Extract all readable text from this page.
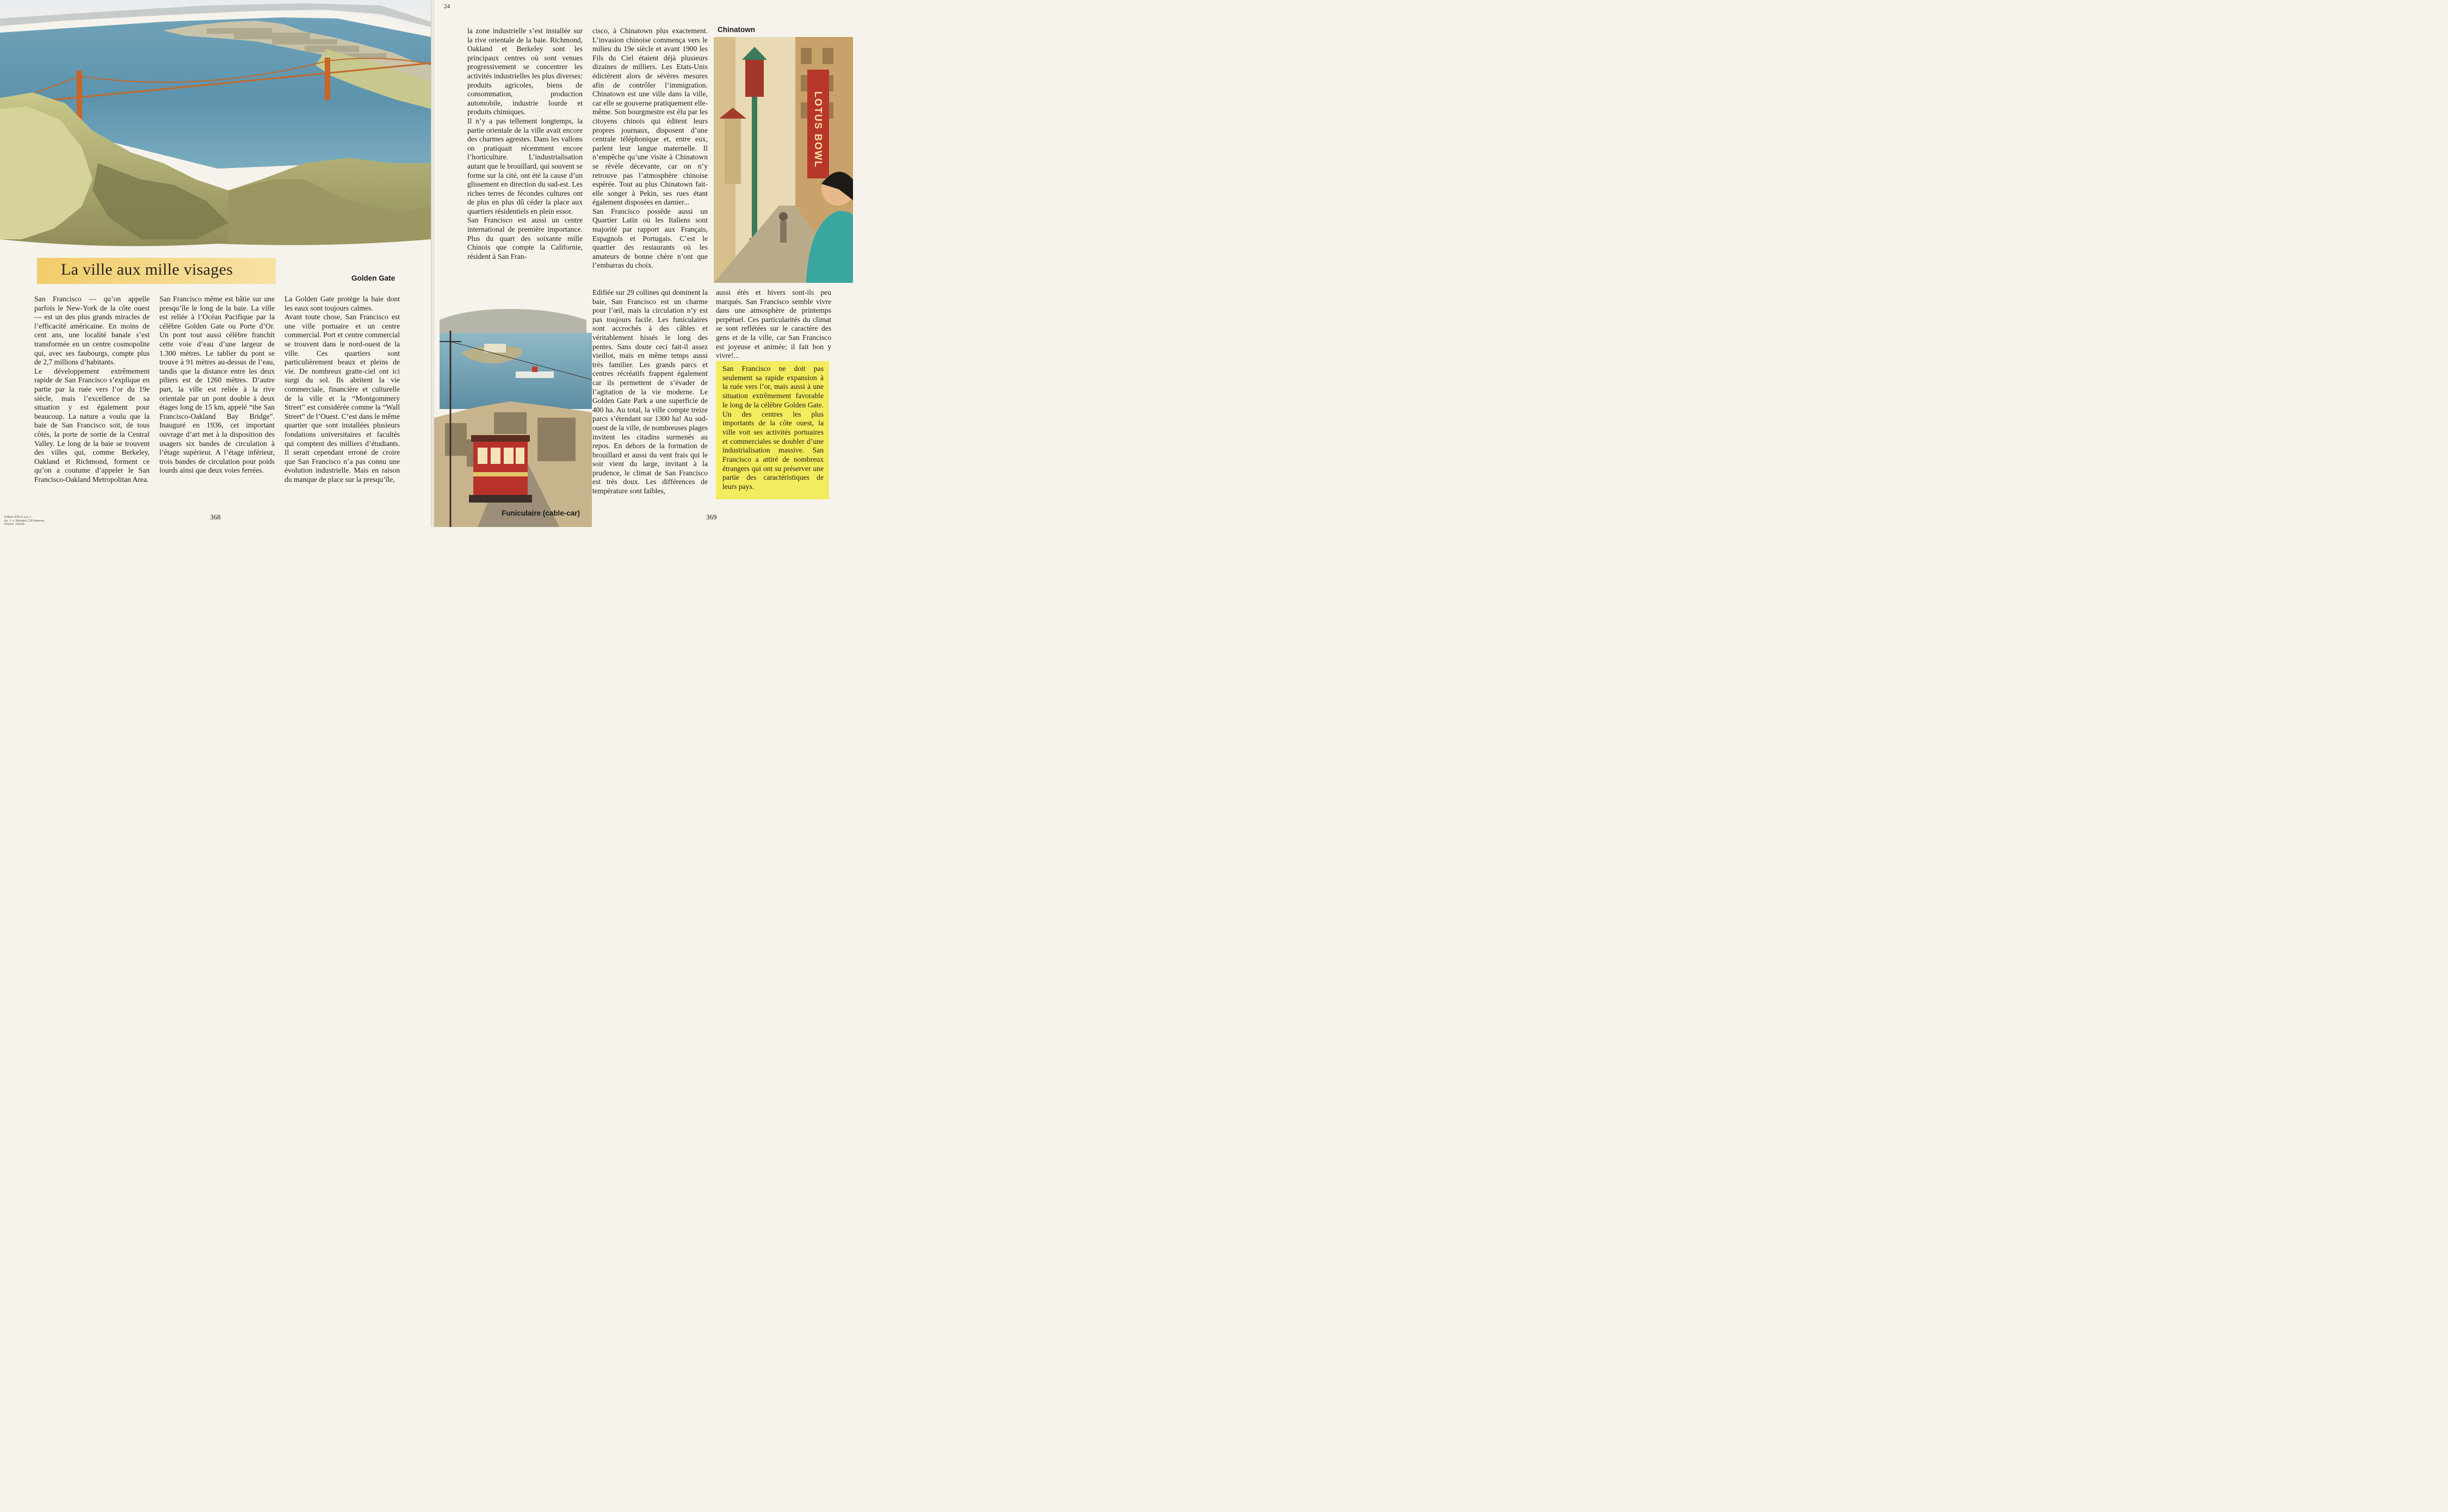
La ville aux mille visages	Golden Gate

San Francisco — qu’on appelle parfois le New-York de la côte ouest — est un des plus grands miracles de l’efficacité américaine. En moins de cent ans, une localité banale s’est transformée en un centre cosmopolite qui, avec ses faubourgs, compte plus de 2,7 millions d’habitants.

Le développement extrêmement rapide de San Francisco s’explique en partie par la ruée vers l’or du 19e siècle, mais l’excellence de sa situation y est également pour beaucoup. La nature a voulu que la baie de San Francisco soit, de tous côtés, la porte de sortie de la Central Valley. Le long de la baie se trouvent des villes qui, comme Berkeley, Oakland et Richmond, forment ce qu’on a coutume d’appeler le San Francisco-Oakland Metropolitan Area.

San Francisco même est bâtie sur une presqu’île le long de la baie. La ville est reliée à l’Océan Pacifique par la célèbre Golden Gate ou Porte d’Or. Un pont tout aussi célèbre franchit cette voie d’eau d’une largeur de 1.300 mètres. Le tablier du pont se trouve à 91 mètres au-dessus de l’eau, tandis que la distance entre les deux piliers est de 1260 mètres. D’autre part, la ville est reliée à la rive orientale par un pont double à deux étages long de 15 km, appelé “the San Francisco-Oakland Bay Bridge”. Inauguré en 1936, cet important ouvrage d’art met à la disposition des usagers six bandes de circulation à l’étage supérieur. A l’étage inférieur, trois bandes de circulation pour poids lourds ainsi que deux voies ferrées.

La Golden Gate protège la baie dont les eaux sont toujours calmes.

Avant toute chose, San Francisco est une ville portuaire et un centre commercial. Port et centre commercial se trouvent dans le nord-ouest de la ville. Ces quartiers sont particulièrement beaux et pleins de vie. De nombreux gratte-ciel ont ici surgi du sol. Ils abritent la vie commerciale, financière et culturelle de la ville et la “Montgommery Street” est considérée comme la “Wall Street” de l’Ouest. C’est dans le même quartier que sont installées plusieurs fondations universitaires et facultés qui comptent des milliers d’étudiants. Il serait cependant erroné de croire que San Francisco n’a pas connu une évolution industrielle. Mais en raison du manque de place sur la presqu’île,

368
Edition ESCO s.p.r.l.
Av. J.-v. Rijswijck 118 Antwerp
Dessin: Jacobs
24

la zone industrielle s’est installée sur la rive orientale de la baie. Richmond, Oakland et Berkeley sont les principaux centres où sont venues progressivement se concentrer les activités industrielles les plus diverses: produits agricoles, biens de consommation, production automobile, industrie lourde et produits chimiques.

Il n’y a pas tellement longtemps, la partie orientale de la ville avait encore des charmes agrestes. Dans les vallons on pratiquait récemment encore l’horticulture. L’industrialisation autant que le brouillard, qui souvent se forme sur la cité, ont été la cause d’un glissement en direction du sud-est. Les riches terres de fécondes cultures ont de plus en plus dû céder la place aux quartiers résidentiels en plein essor.

San Francisco est aussi un centre international de première importance. Plus du quart des soixante mille Chinois que compte la Californie, résident à San Fran-

cisco, à Chinatown plus exactement. L’invasion chinoise commença vers le milieu du 19e siècle et avant 1900 les Fils du Ciel étaient déjà plusieurs dizaines de milliers. Les Etats-Unis édictèrent alors de sévères mesures afin de contrôler l’immigration. Chinatown est une ville dans la ville, car elle se gouverne pratiquement elle-même. Son bourgmestre est élu par les citoyens chinois qui éditent leurs propres journaux, disposent d’une centrale téléphonique et, entre eux, parlent leur langue maternelle. Il n’empêche qu’une visite à Chinatown se révèle décevante, car on n’y retrouve pas l’atmosphère chinoise espérée. Tout au plus Chinatown fait-elle songer à Pekin, ses rues étant également disposées en damier...

San Francisco possède aussi un Quartier Latin où les Italiens sont majorité par rapport aux Français, Espagnols et Portugais. C’est le quartier des restaurants où les amateurs de bonne chère n’ont que l’embarras du choix.

Edifiée sur 29 collines qui dominent la baie, San Francisco est un charme pour l’œil, mais la circulation n’y est pas toujours facile. Les funiculaires sont accrochés à des câbles et véritablement hissés le long des pentes. Sans doute ceci fait-il assez vieillot, mais en même temps aussi très familier. Les grands parcs et centres récréatifs frappent également car ils permettent de s’évader de l’agitation de la vie moderne. Le Golden Gate Park a une superficie de 400 ha. Au total, la ville compte treize parcs s’étendant sur 1300 ha! Au sud-ouest de la ville, de nombreuses plages invitent les citadins surmenés au repos. En dehors de la formation de brouillard et aussi du vent frais qui le soir vient du large, invitant à la prudence, le climat de San Francisco est très doux. Les différences de température sont faibles,

aussi étés et hivers sont-ils peu marqués. San Francisco semble vivre dans une atmosphère de printemps perpétuel. Ces particularités du climat se sont reflétées sur le caractère des gens et de la ville, car San Francisco est joyeuse et animée; il fait bon y vivre!...

San Francisco ne doit pas seulement sa rapide expansion à la ruée vers l’or, mais aussi à une situation extrêmement favorable le long de la célèbre Golden Gate. Un des centres les plus importants de la côte ouest, la ville voit ses activités portuaires et commerciales se doubler d’une industrialisation massive. San Francisco a attiré de nombreux étrangers qui ont su préserver une partie des caractéristiques de leurs pays.

Chinatown
LOTUS BOWL
Funiculaire (cable-car)	369
